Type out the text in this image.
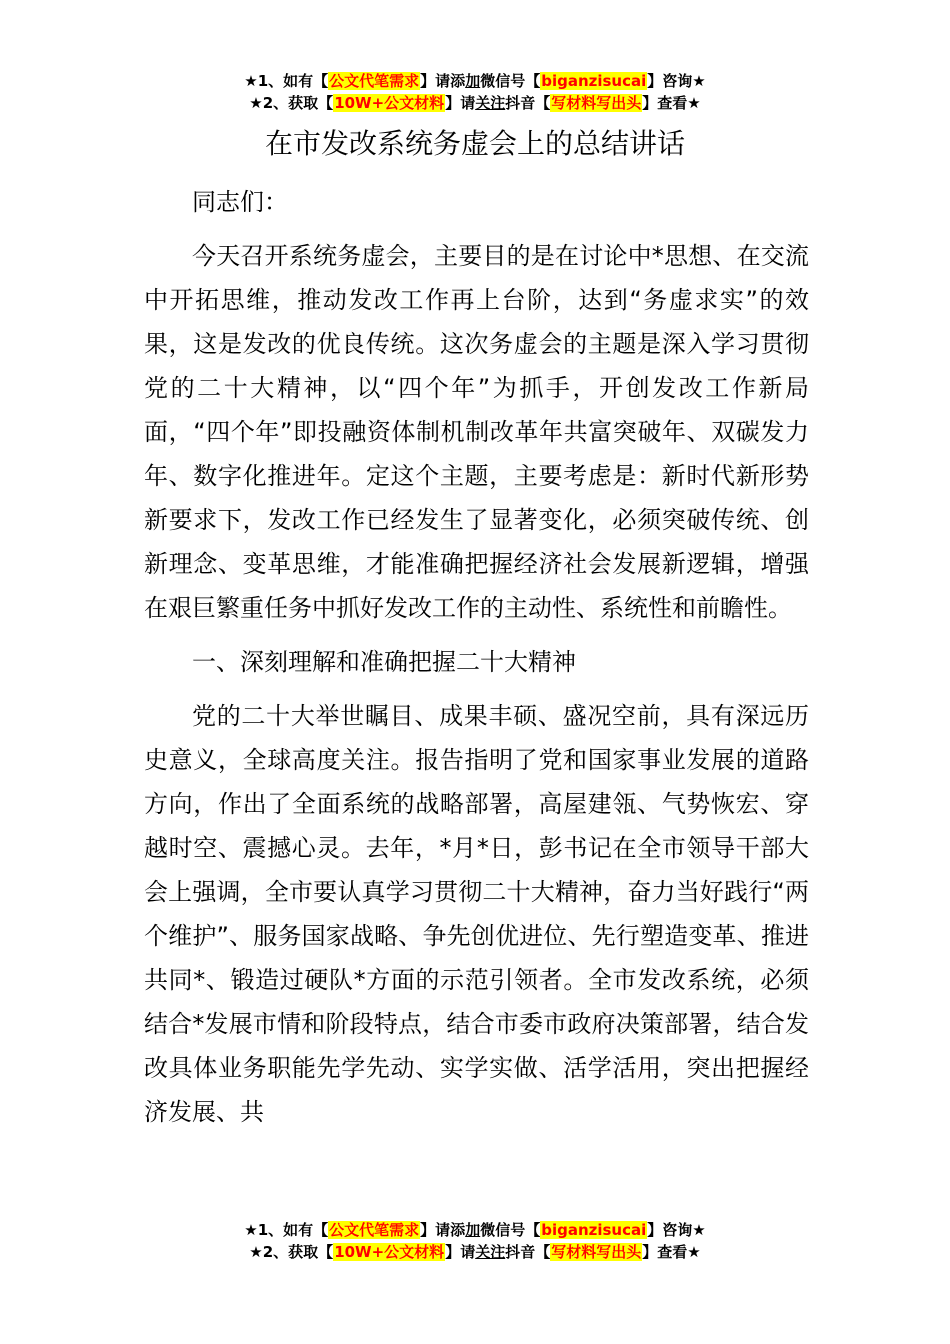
★1、如有【公文代笔需求】请添加微信号【biganzisucai】咨询★
★2、获取【10W+公文材料】请关注抖音【写材料写出头】查看★
在市发改系统务虚会上的总结讲话

同志们：

今天召开系统务虚会，主要目的是在讨论中*思想、在交流中开拓思维，推动发改工作再上台阶，达到“务虚求实”的效果，这是发改的优良传统。这次务虚会的主题是深入学习贯彻党的二十大精神，以“四个年”为抓手，开创发改工作新局面，“四个年”即投融资体制机制改革年共富突破年、双碳发力年、数字化推进年。定这个主题，主要考虑是：新时代新形势新要求下，发改工作已经发生了显著变化，必须突破传统、创新理念、变革思维，才能准确把握经济社会发展新逻辑，增强在艰巨繁重任务中抓好发改工作的主动性、系统性和前瞻性。

一、深刻理解和准确把握二十大精神

党的二十大举世瞩目、成果丰硕、盛况空前，具有深远历史意义，全球高度关注。报告指明了党和国家事业发展的道路方向，作出了全面系统的战略部署，高屋建瓴、气势恢宏、穿越时空、震撼心灵。去年，*月*日，彭书记在全市领导干部大会上强调，全市要认真学习贯彻二十大精神，奋力当好践行“两个维护”、服务国家战略、争先创优进位、先行塑造变革、推进共同*、锻造过硬队*方面的示范引领者。全市发改系统，必须结合*发展市情和阶段特点，结合市委市政府决策部署，结合发改具体业务职能先学先动、实学实做、活学活用，突出把握经济发展、共

★1、如有【公文代笔需求】请添加微信号【biganzisucai】咨询★
★2、获取【10W+公文材料】请关注抖音【写材料写出头】查看★
